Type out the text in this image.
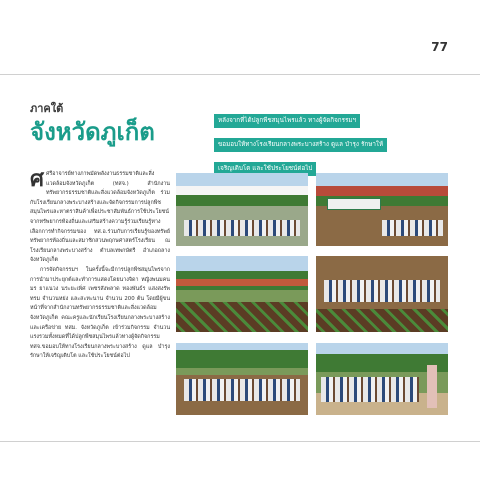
77
ภาคใต้
จังหวัดภูเก็ต	หลังจากที่ได้ปลูกพืชสมุนไพรแล้ว ทางผู้จัดกิจกรรมฯ
ขอมอบให้ทางโรงเรียนกลางพระบางสร้าง ดูแล บำรุง รักษาให้
เจริญเติบโต และใช้ประโยชน์ต่อไป
ศ ศรีอาจารย์ทางภาพมัดพลังงานธรรมชาติและสิ่งแวดล้อมจังหวัดภูเก็ต (ทสจ.) สำนักงานทรัพยากรธรรมชาติและสิ่งแวดล้อมจังหวัดภูเก็ต ร่วมกับโรงเรียนกลางพระบางสร้างและจัดกิจกรรมการปลูกพืชสมุนไพรและหาตราสินค้าเพื่อประชาสัมพันธ์การใช้ประโยชน์จากทรัพยากรท้องถิ่นและเสริมสร้างความรู้ร่วมเรียนรู้ทางเลือกการทำกิจกรรมของ ทส.อ.ร่วมกับการเรียนรู้ของทรัพย์ทรัพยากรท้องถิ่นและสมาชิกสวนพฤกษศาสตร์โรงเรียน ณ โรงเรียนกลางพระบางสร้าง ตำบลเทพกษัตรี อำเภอถลาง จังหวัดภูเก็ต

การจัดกิจกรรมฯ ในครั้งนี้จะมีการปลูกพืชสมุนไพรจากการนำมาประยุกต์และทำการแสดงโดยนางจิดา หญิงพนมคนมร ยาแนวง นระยะเพิ่ศ เพชรสังพลาด ทองพันธ์ร แสงสงรัพทรม จำนวนหย่ง และสะทะนาน จำนวน 200 ต้น โดยมีผู้ขนหน้าที่จากสำนักงานทรัพยากรธรรมชาติและสิ่งแวดล้อมจังหวัดภูเก็ต คณะครูและนักเรียนโรงเรียนกลางพระบางสร้าง และเครือข่าย ทสม. จังหวัดภูเก็ต เข้าร่วมกิจกรรม จำนวนแรงรวมทั้งหมดที่ได้ปลูกพืชสมุนไพรแล้วทางผู้จัดกิจกรรม ทสจ.ขอมอบให้ทางโรงเรียนกลางพระบางสร้าง ดูแล บำรุง รักษาให้เจริญเติบโต และใช้ประโยชน์ต่อไป
